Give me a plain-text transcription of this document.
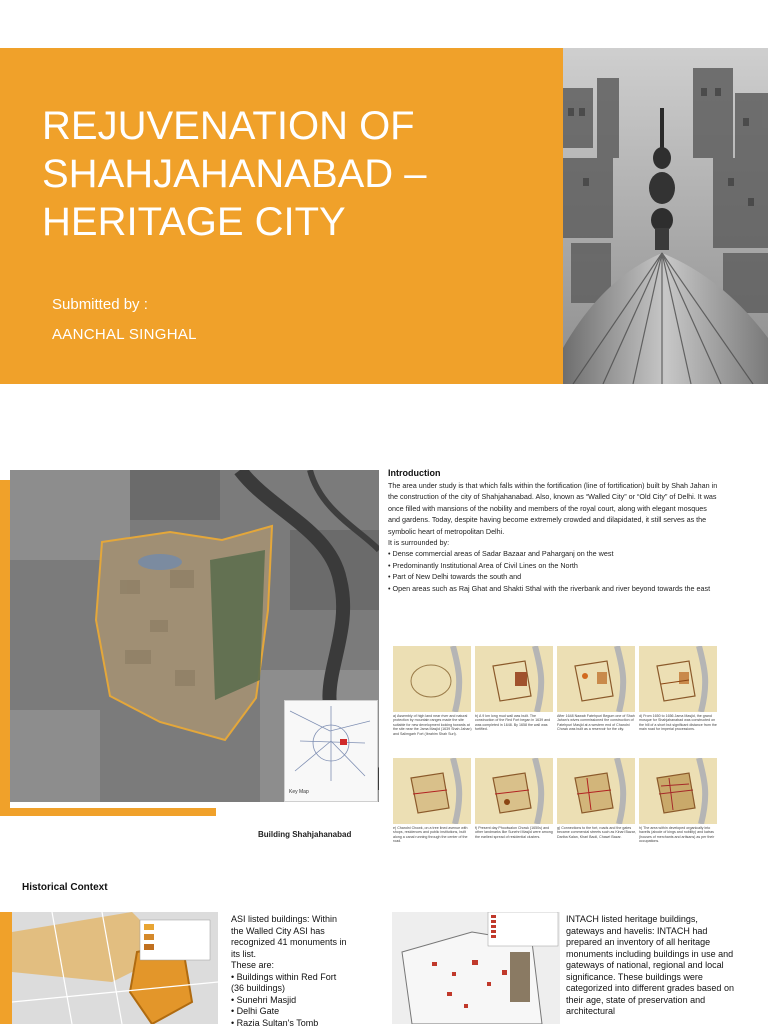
REJUVENATION OF
SHAHJAHANABAD –
HERITAGE CITY
Submitted by :
AANCHAL SINGHAL
Key Map
Building Shahjahanabad
Introduction

The area under study is that which falls within the fortification (line of fortification) built by Shah Jahan in the construction of the city of Shahjahanabad. Also, known as “Walled City” or “Old City” of Delhi. It was once filled with mansions of the nobility and members of the royal court, along with elegant mosques and gardens. Today, despite having become extremely crowded and dilapidated, it still serves as the symbolic heart of metropolitan Delhi.

It is surrounded by:

• Dense commercial areas of Sadar Bazaar and Paharganj on the west
• Predominantly Institutional Area of Civil Lines on the North
• Part of New Delhi towards the south and
• Open areas such as Raj Ghat and Shakti Sthal with the riverbank and river beyond towards the east
a) Assembly of high land near river and natural protection by mountain ranges made the site suitable for new development looking towards at the site near the Jama Masjid (1639 Shah Jahan) and Salimgarh Fort (Ibrahim Shah Suri).
b) A 9 km long mud wall was built. The construction of the Red Fort began in 1639 and was completed in 1648. By 1658 the wall was fortified.
After 1648 Nawab Fatehpuri Begum one of Shah Jahan's wives commissioned the construction of Fatehpuri Masjid at a western end of Chandni Chowk was built as a reservoir for the city.
d) From 1650 to 1656 Jama Masjid, the grand mosque for Shahjahanabad was constructed on the hill of a short but significant distance from the main road for imperial processions.
e) Chandni Chowk, on a tree lined avenue with shops, residences and public institutions, built along a canal running through the center of the road.
f) Present day Phoolwalon Chowk (1650s) and other landmarks like Sunehri Masjid were among the earliest spread of residential clusters.
g) Connections to the fort, roads and the gates became commercial streets such as Kinari Bazar, Dariba Kalan, Khari Baoli, Chawri Bazar.
h) The area within developed organically into havelis (abode of kings and nobility) and katras (houses of merchants and artisans) as per their occupations.
Historical Context
ASI listed buildings: Within the Walled City ASI has recognized 41 monuments in its list.
These are:
• Buildings within Red Fort (36 buildings)
• Sunehri Masjid
• Delhi Gate
• Razia Sultan's Tomb
INTACH listed heritage buildings, gateways and havelis: INTACH had prepared an inventory of all heritage monuments including buildings in use and gateways of national, regional and local significance. These buildings were categorized into different grades based on their age, state of preservation and architectural
